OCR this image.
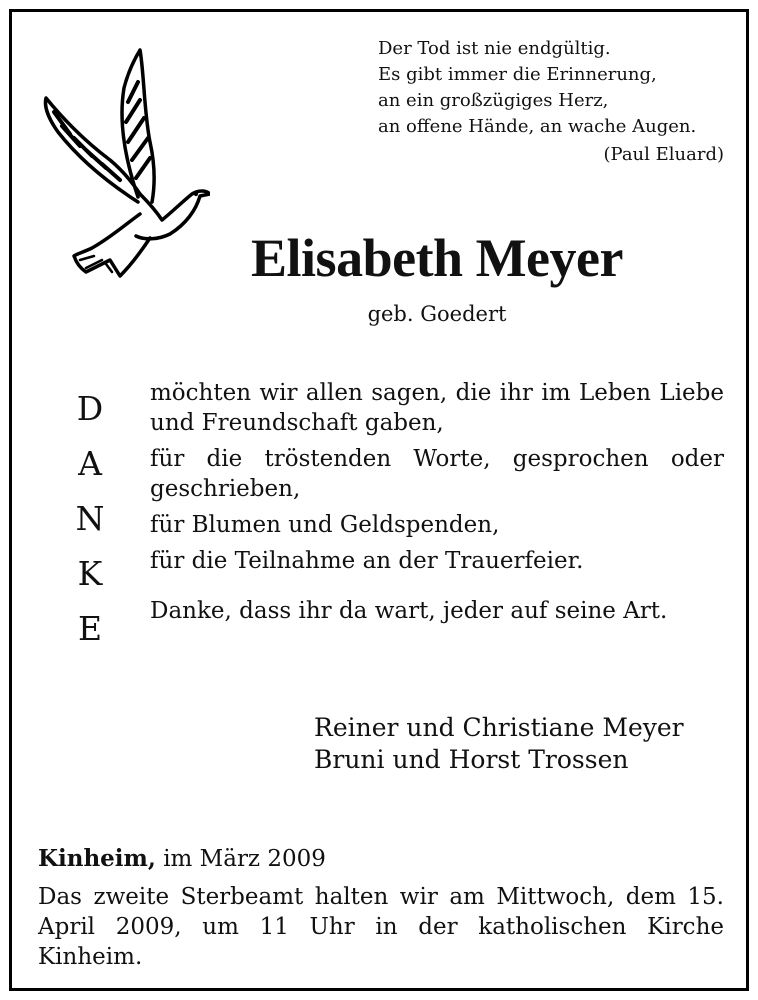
Der Tod ist nie endgültig.
Es gibt immer die Erinnerung,
an ein großzügiges Herz,
an offene Hände, an wache Augen.
(Paul Eluard)
Elisabeth Meyer
geb. Goedert
D
A
N
K
E

möchten wir allen sagen, die ihr im Leben Liebe und Freundschaft gaben,

für die tröstenden Worte, gesprochen oder geschrieben,

für Blumen und Geldspenden,

für die Teilnahme an der Trauerfeier.

Danke, dass ihr da wart, jeder auf seine Art.

Reiner und Christiane Meyer
Bruni und Horst Trossen

Kinheim, im März 2009

Das zweite Sterbeamt halten wir am Mittwoch, dem 15. April 2009, um 11 Uhr in der katholischen Kirche Kinheim.
